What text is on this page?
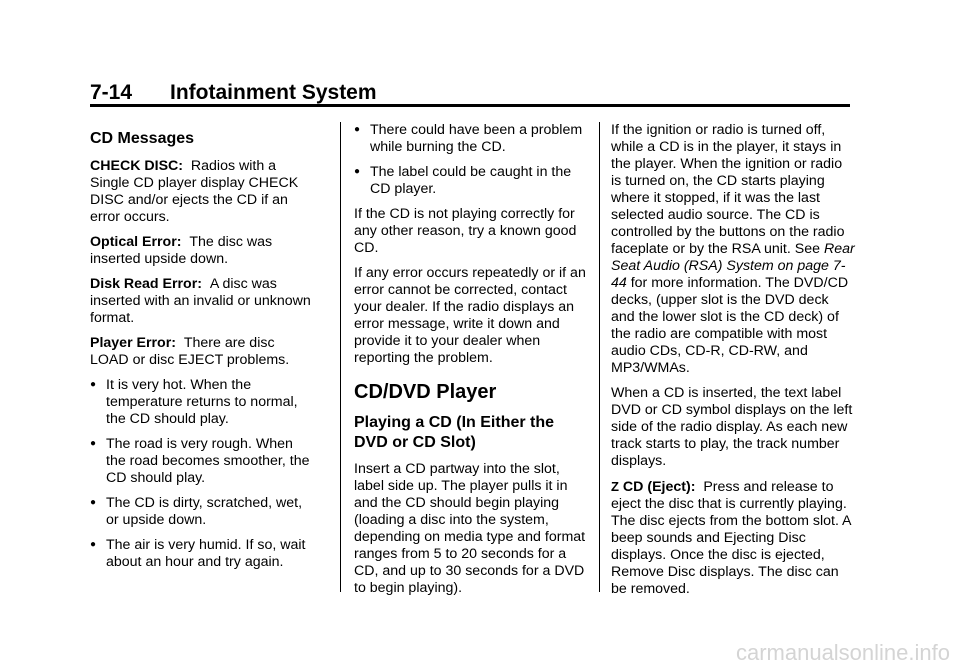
7-14 Infotainment System
CD Messages

CHECK DISC: Radios with a Single CD player display CHECK DISC and/or ejects the CD if an error occurs.

Optical Error: The disc was inserted upside down.

Disk Read Error: A disc was inserted with an invalid or unknown format.

Player Error: There are disc LOAD or disc EJECT problems.

● It is very hot. When the temperature returns to normal, the CD should play.
● The road is very rough. When the road becomes smoother, the CD should play.
● The CD is dirty, scratched, wet, or upside down.
● The air is very humid. If so, wait about an hour and try again.
● There could have been a problem while burning the CD.
● The label could be caught in the CD player.

If the CD is not playing correctly for any other reason, try a known good CD.

If any error occurs repeatedly or if an error cannot be corrected, contact your dealer. If the radio displays an error message, write it down and provide it to your dealer when reporting the problem.

CD/DVD Player
Playing a CD (In Either the DVD or CD Slot)

Insert a CD partway into the slot, label side up. The player pulls it in and the CD should begin playing (loading a disc into the system, depending on media type and format ranges from 5 to 20 seconds for a CD, and up to 30 seconds for a DVD to begin playing).

If the ignition or radio is turned off, while a CD is in the player, it stays in the player. When the ignition or radio is turned on, the CD starts playing where it stopped, if it was the last selected audio source. The CD is controlled by the buttons on the radio faceplate or by the RSA unit. See Rear Seat Audio (RSA) System on page 7-44 for more information. The DVD/CD decks, (upper slot is the DVD deck and the lower slot is the CD deck) of the radio are compatible with most audio CDs, CD-R, CD-RW, and MP3/WMAs.

When a CD is inserted, the text label DVD or CD symbol displays on the left side of the radio display. As each new track starts to play, the track number displays.

Z CD (Eject): Press and release to eject the disc that is currently playing. The disc ejects from the bottom slot. A beep sounds and Ejecting Disc displays. Once the disc is ejected, Remove Disc displays. The disc can be removed.

carmanualsonline.info
